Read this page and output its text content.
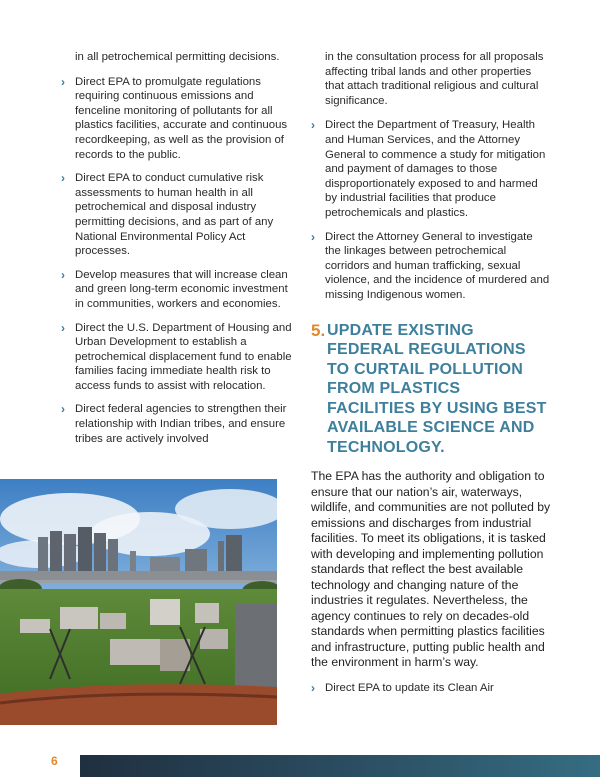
in all petrochemical permitting decisions.

› Direct EPA to promulgate regulations requiring continuous emissions and fenceline monitoring of pollutants for all plastics facilities, accurate and continuous recordkeeping, as well as the provision of records to the public.
› Direct EPA to conduct cumulative risk assessments to human health in all petrochemical and disposal industry permitting decisions, and as part of any National Environmental Policy Act processes.
› Develop measures that will increase clean and green long-term economic investment in communities, workers and economies.
› Direct the U.S. Department of Housing and Urban Development to establish a petrochemical displacement fund to enable families facing immediate health risk to access funds to assist with relocation.
› Direct federal agencies to strengthen their relationship with Indian tribes, and ensure tribes are actively involved

in the consultation process for all proposals affecting tribal lands and other properties that attach traditional religious and cultural significance.

› Direct the Department of Treasury, Health and Human Services, and the Attorney General to commence a study for mitigation and payment of damages to those disproportionately exposed to and harmed by industrial facilities that produce petrochemicals and plastics.
› Direct the Attorney General to investigate the linkages between petrochemical corridors and human trafficking, sexual violence, and the incidence of murdered and missing Indigenous women.
5. UPDATE EXISTING FEDERAL REGULATIONS TO CURTAIL POLLUTION FROM PLASTICS FACILITIES BY USING BEST AVAILABLE SCIENCE AND TECHNOLOGY.

The EPA has the authority and obligation to ensure that our nation’s air, waterways, wildlife, and communities are not polluted by emissions and discharges from industrial facilities. To meet its obligations, it is tasked with developing and implementing pollution standards that reflect the best available technology and changing nature of the industries it regulates. Nevertheless, the agency continues to rely on decades-old standards when permitting plastics facilities and infrastructure, putting public health and the environment in harm’s way.

› Direct EPA to update its Clean Air
6
